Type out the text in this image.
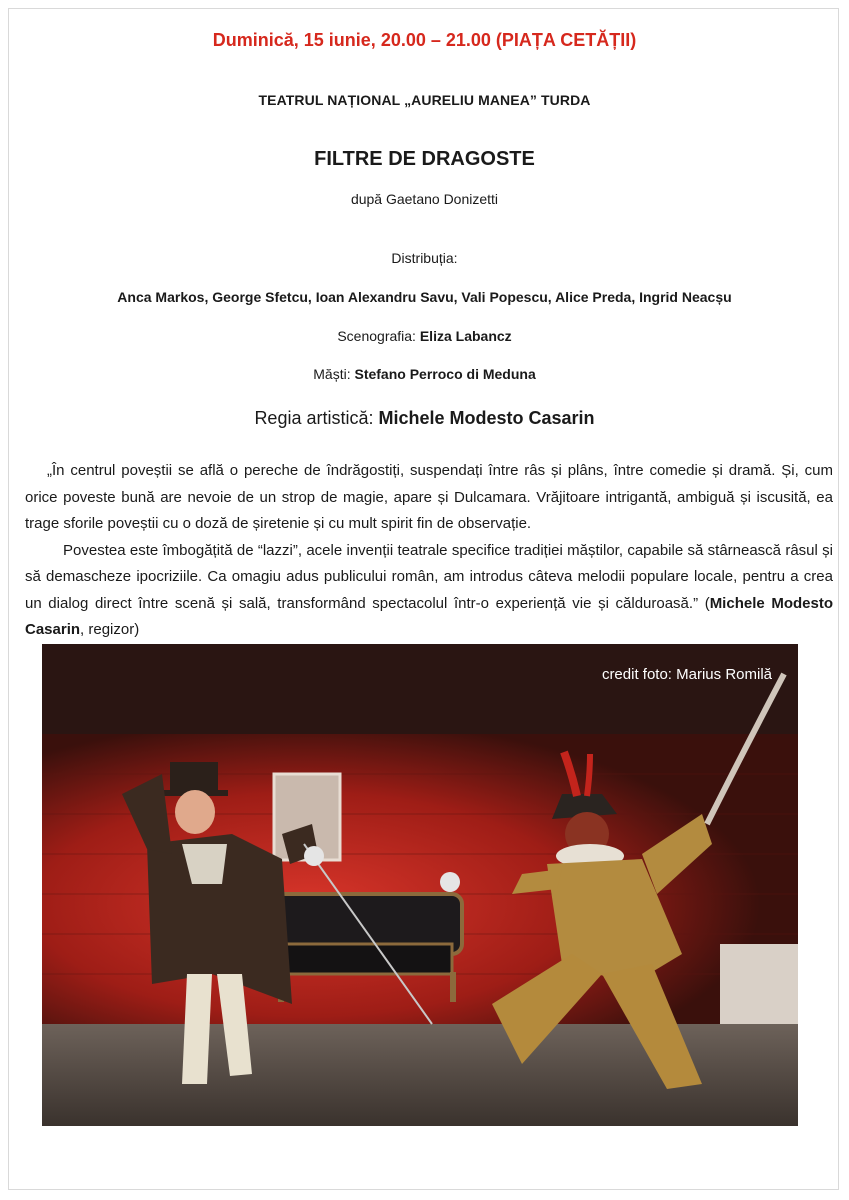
Duminică, 15 iunie, 20.00 – 21.00 (PIAȚA CETĂȚII)
TEATRUL NAȚIONAL „AURELIU MANEA” TURDA
FILTRE DE DRAGOSTE
după Gaetano Donizetti
Distribuția:
Anca Markos, George Sfetcu, Ioan Alexandru Savu, Vali Popescu, Alice Preda, Ingrid Neacșu
Scenografia: Eliza Labancz
Măști: Stefano Perroco di Meduna
Regia artistică: Michele Modesto Casarin

„În centrul poveștii se află o pereche de îndrăgostiți, suspendați între râs și plâns, între comedie și dramă. Și, cum orice poveste bună are nevoie de un strop de magie, apare și Dulcamara. Vrăjitoare intrigantă, ambiguă și iscusită, ea trage sforile poveștii cu o doză de șiretenie și cu mult spirit fin de observație.

Povestea este îmbogățită de “lazzi”, acele invenții teatrale specifice tradiției măștilor, capabile să stârnească râsul și să demascheze ipocriziile. Ca omagiu adus publicului român, am introdus câteva melodii populare locale, pentru a crea un dialog direct între scenă și sală, transformând spectacolul într-o experiență vie și călduroasă.” (Michele Modesto Casarin, regizor)

credit foto: Marius Romilă
